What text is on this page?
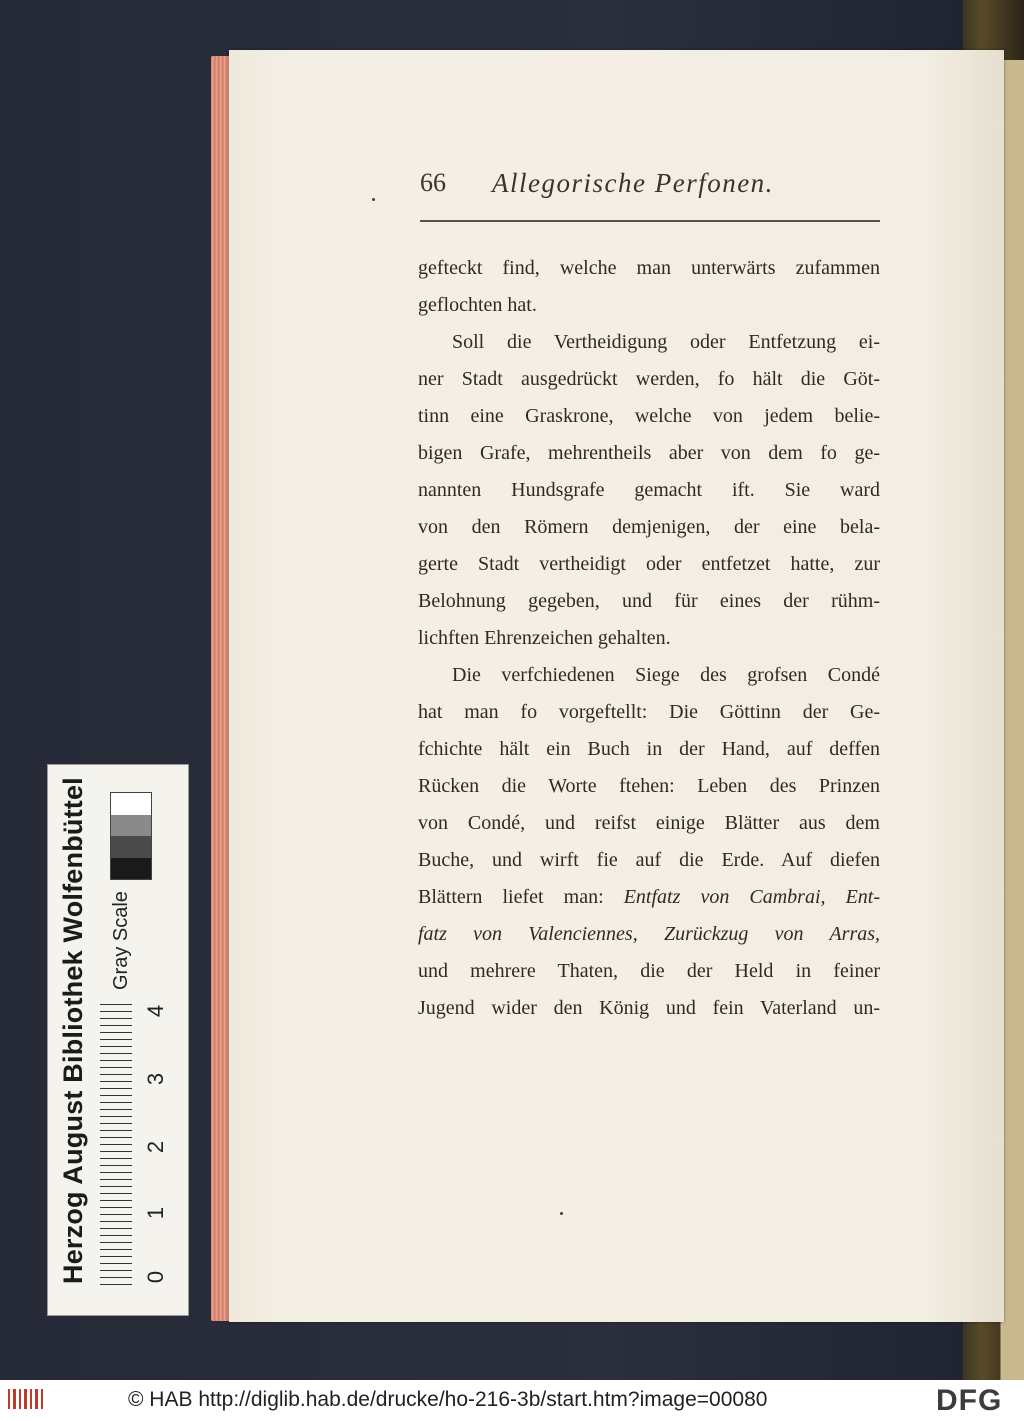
66 Allegorische Perfonen.
gefteckt find, welche man unterwärts zufammen
geflochten hat.
Soll die Vertheidigung oder Entfetzung ei-
ner Stadt ausgedrückt werden, fo hält die Göt-
tinn eine Graskrone, welche von jedem belie-
bigen Grafe, mehrentheils aber von dem fo ge-
nannten Hundsgrafe gemacht ift. Sie ward
von den Römern demjenigen, der eine bela-
gerte Stadt vertheidigt oder entfetzet hatte, zur
Belohnung gegeben, und für eines der rühm-
lichften Ehrenzeichen gehalten.
Die verfchiedenen Siege des grofsen Condé
hat man fo vorgeftellt: Die Göttinn der Ge-
fchichte hält ein Buch in der Hand, auf deffen
Rücken die Worte ftehen: Leben des Prinzen
von Condé, und reifst einige Blätter aus dem
Buche, und wirft fie auf die Erde. Auf diefen
Blättern liefet man: Entfatz von Cambrai, Ent-
fatz von Valenciennes, Zurückzug von Arras,
und mehrere Thaten, die der Held in feiner
Jugend wider den König und fein Vaterland un-
Herzog August Bibliothek Wolfenbüttel	Gray Scale
0
1
2
3
4
© HAB http://diglib.hab.de/drucke/ho-216-3b/start.htm?image=00080	DFG
